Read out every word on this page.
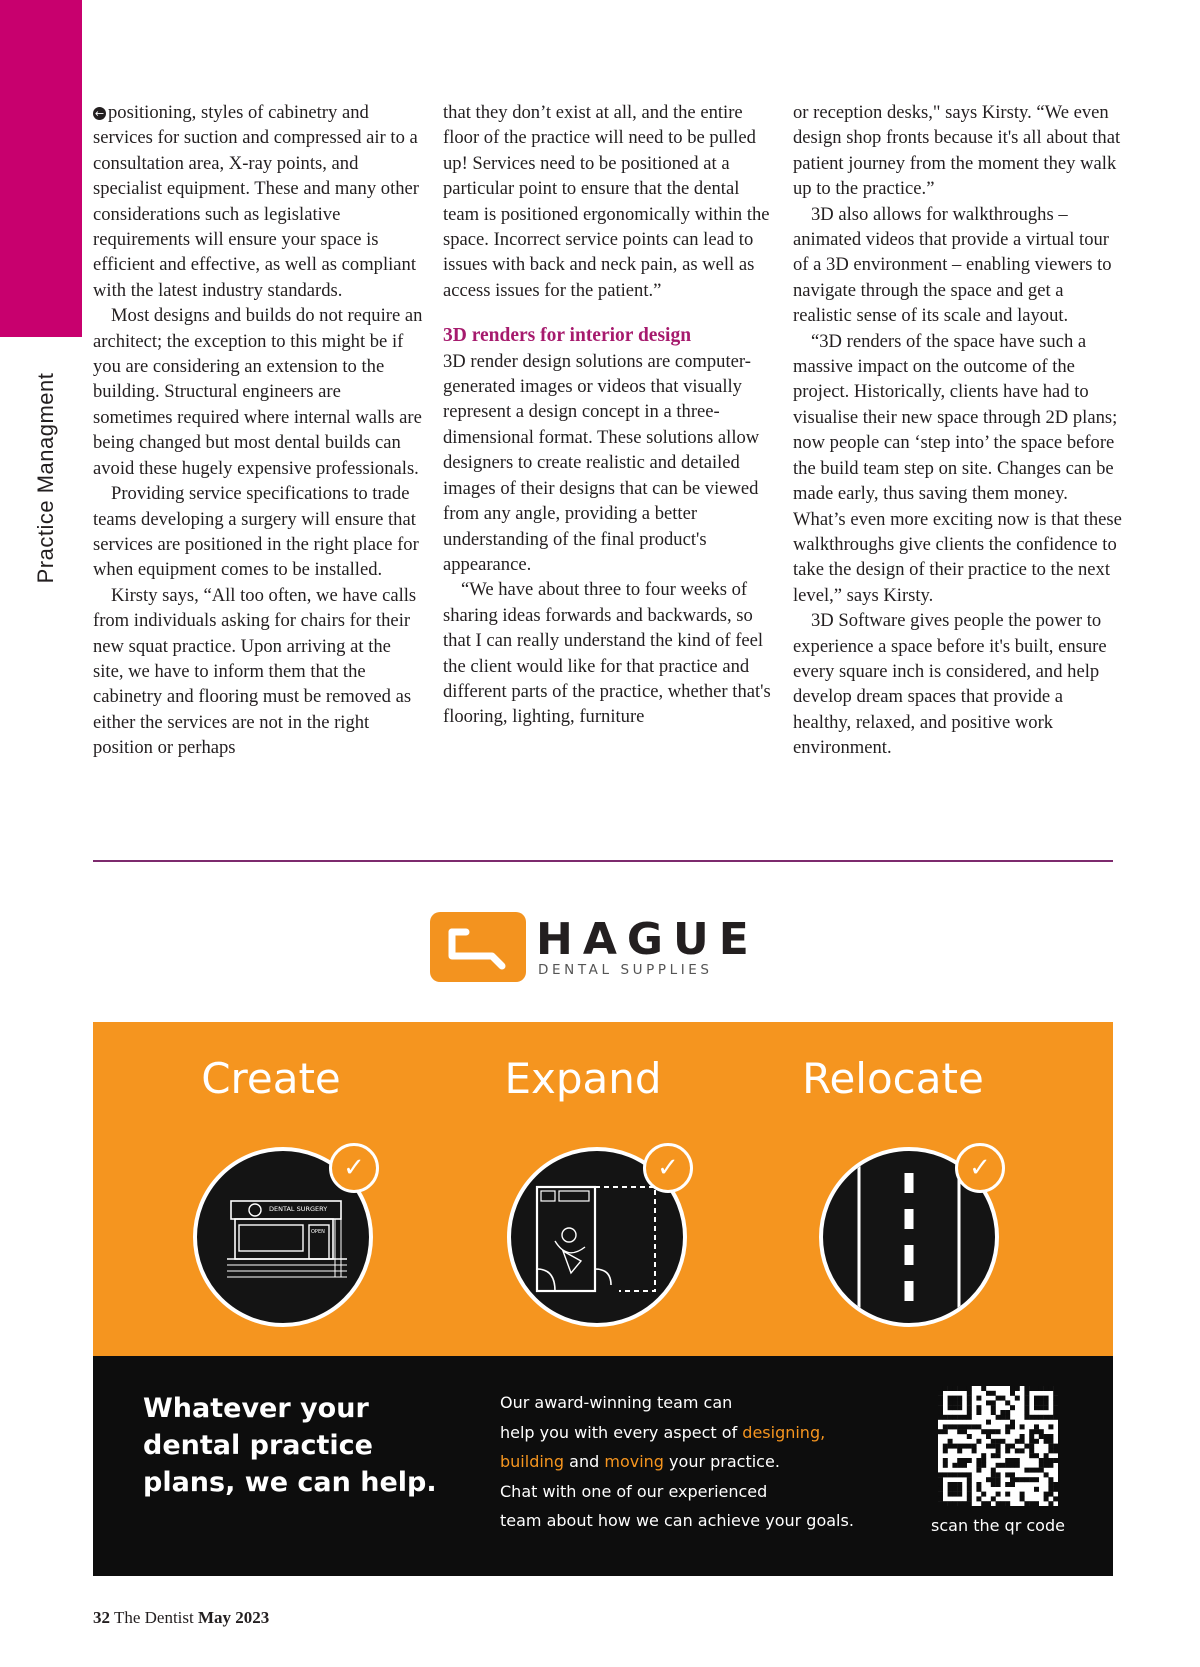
Practice Managment

← positioning, styles of cabinetry and services for suction and compressed air to a consultation area, X-ray points, and specialist equipment. These and many other considerations such as legislative requirements will ensure your space is efficient and effective, as well as compliant with the latest industry standards.

Most designs and builds do not require an architect; the exception to this might be if you are considering an extension to the building. Structural engineers are sometimes required where internal walls are being changed but most dental builds can avoid these hugely expensive professionals.

Providing service specifications to trade teams developing a surgery will ensure that services are positioned in the right place for when equipment comes to be installed.

Kirsty says, “All too often, we have calls from individuals asking for chairs for their new squat practice. Upon arriving at the site, we have to inform them that the cabinetry and flooring must be removed as either the services are not in the right position or perhaps

that they don’t exist at all, and the entire floor of the practice will need to be pulled up! Services need to be positioned at a particular point to ensure that the dental team is positioned ergonomically within the space. Incorrect service points can lead to issues with back and neck pain, as well as access issues for the patient.”

3D renders for interior design

3D render design solutions are computer-generated images or videos that visually represent a design concept in a three-dimensional format. These solutions allow designers to create realistic and detailed images of their designs that can be viewed from any angle, providing a better understanding of the final product's appearance.

“We have about three to four weeks of sharing ideas forwards and backwards, so that I can really understand the kind of feel the client would like for that practice and different parts of the practice, whether that's flooring, lighting, furniture

or reception desks," says Kirsty. “We even design shop fronts because it's all about that patient journey from the moment they walk up to the practice.”

3D also allows for walkthroughs – animated videos that provide a virtual tour of a 3D environment – enabling viewers to navigate through the space and get a realistic sense of its scale and layout.

“3D renders of the space have such a massive impact on the outcome of the project. Historically, clients have had to visualise their new space through 2D plans; now people can ‘step into’ the space before the build team step on site. Changes can be made early, thus saving them money. What’s even more exciting now is that these walkthroughs give clients the confidence to take the design of their practice to the next level,” says Kirsty.

3D Software gives people the power to experience a space before it's built, ensure every square inch is considered, and help develop dream spaces that provide a healthy, relaxed, and positive work environment.

HAGUE
DENTAL SUPPLIES
Create	Expand	Relocate
DENTAL SURGERY
OPEN
✓	✓	✓
Whatever your dental practice plans, we can help.
Our award-winning team can
help you with every aspect of designing,
building and moving your practice.
Chat with one of our experienced
team about how we can achieve your goals.	scan the qr code
32 The Dentist May 2023
